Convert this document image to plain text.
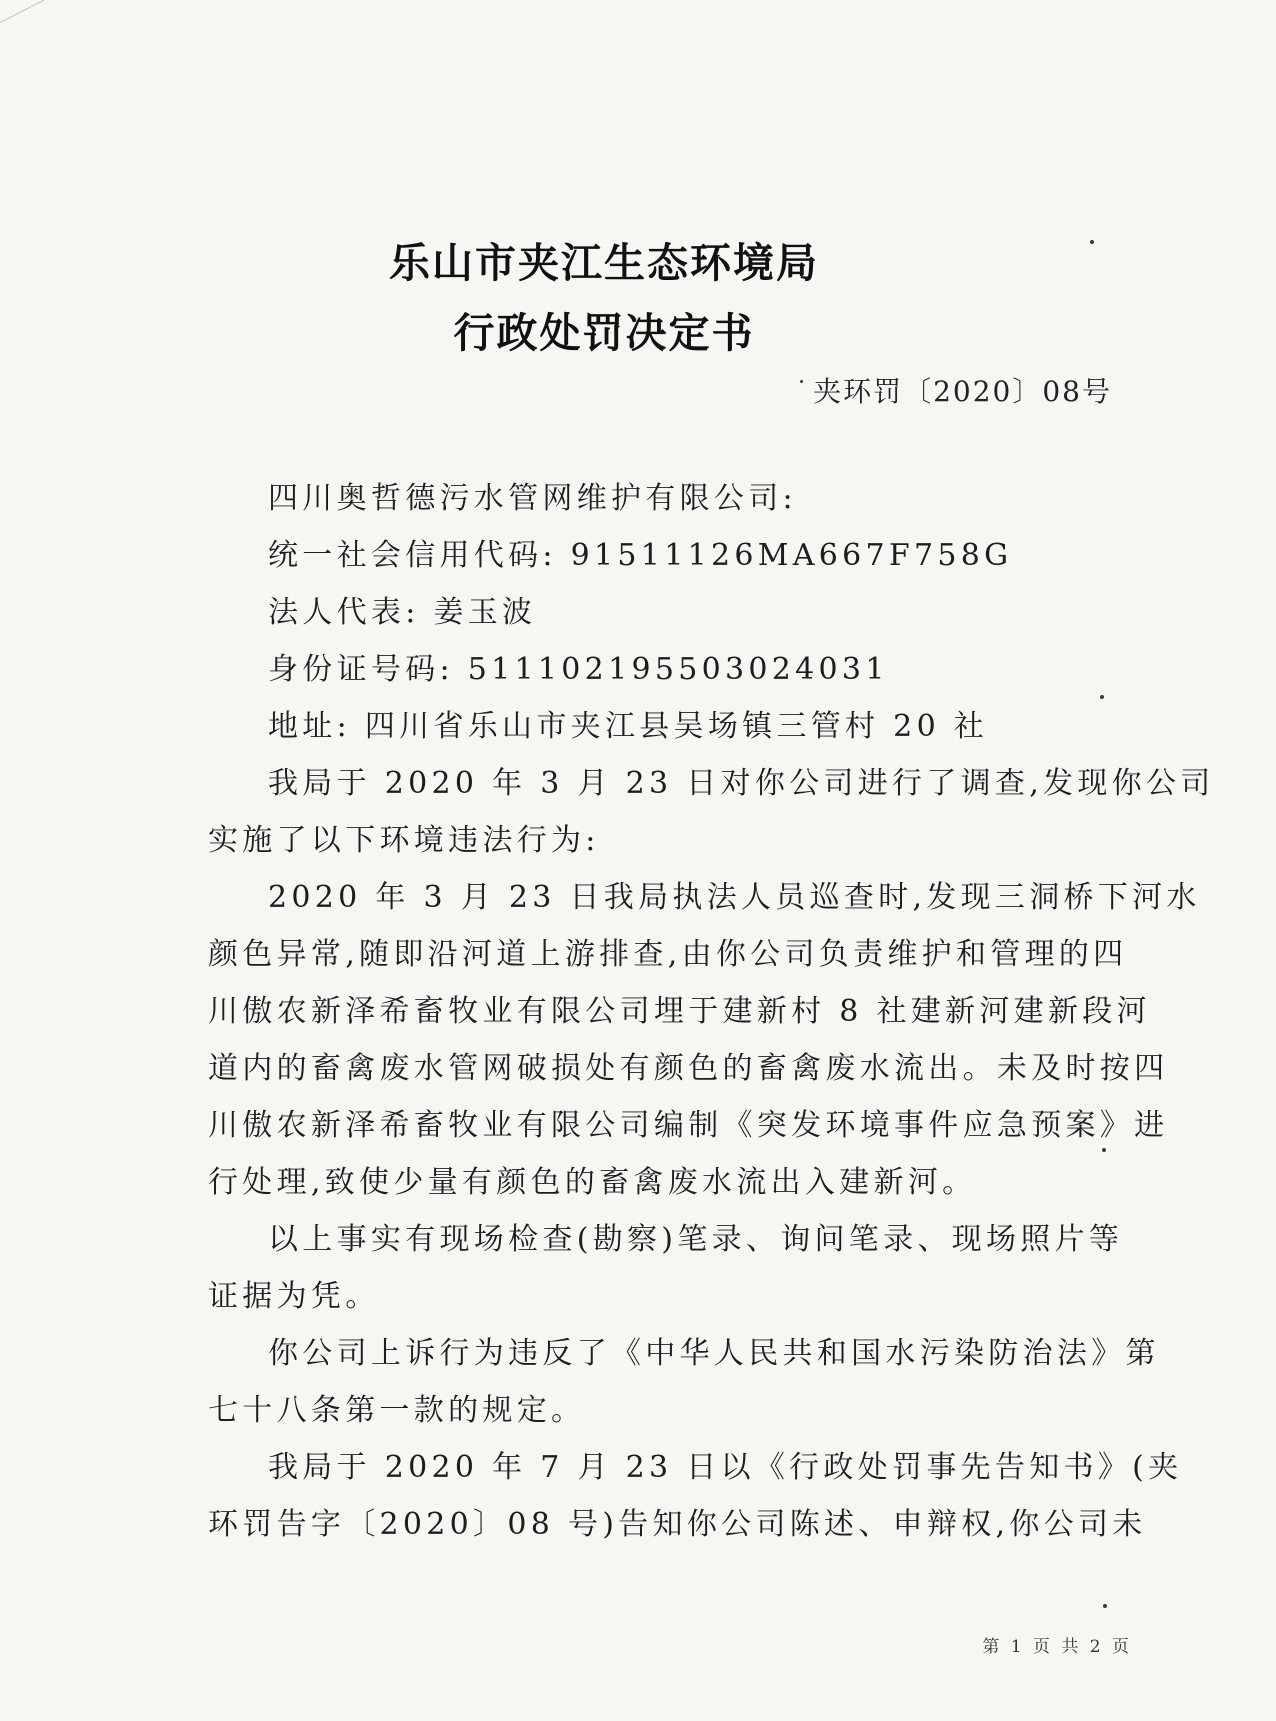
乐山市夹江生态环境局
行政处罚决定书
夹环罚〔2020〕08号
四川奥哲德污水管网维护有限公司:
统一社会信用代码: 91511126MA667F758G
法人代表: 姜玉波
身份证号码: 511102195503024031
地址: 四川省乐山市夹江县吴场镇三管村 20 社
我局于 2020 年 3 月 23 日对你公司进行了调查,发现你公司
实施了以下环境违法行为:
2020 年 3 月 23 日我局执法人员巡查时,发现三洞桥下河水
颜色异常,随即沿河道上游排查,由你公司负责维护和管理的四
川傲农新泽希畜牧业有限公司埋于建新村 8 社建新河建新段河
道内的畜禽废水管网破损处有颜色的畜禽废水流出。未及时按四
川傲农新泽希畜牧业有限公司编制《突发环境事件应急预案》进
行处理,致使少量有颜色的畜禽废水流出入建新河。
以上事实有现场检查(勘察)笔录、询问笔录、现场照片等
证据为凭。
你公司上诉行为违反了《中华人民共和国水污染防治法》第
七十八条第一款的规定。
我局于 2020 年 7 月 23 日以《行政处罚事先告知书》(夹
环罚告字〔2020〕08 号)告知你公司陈述、申辩权,你公司未
第 1 页 共 2 页
